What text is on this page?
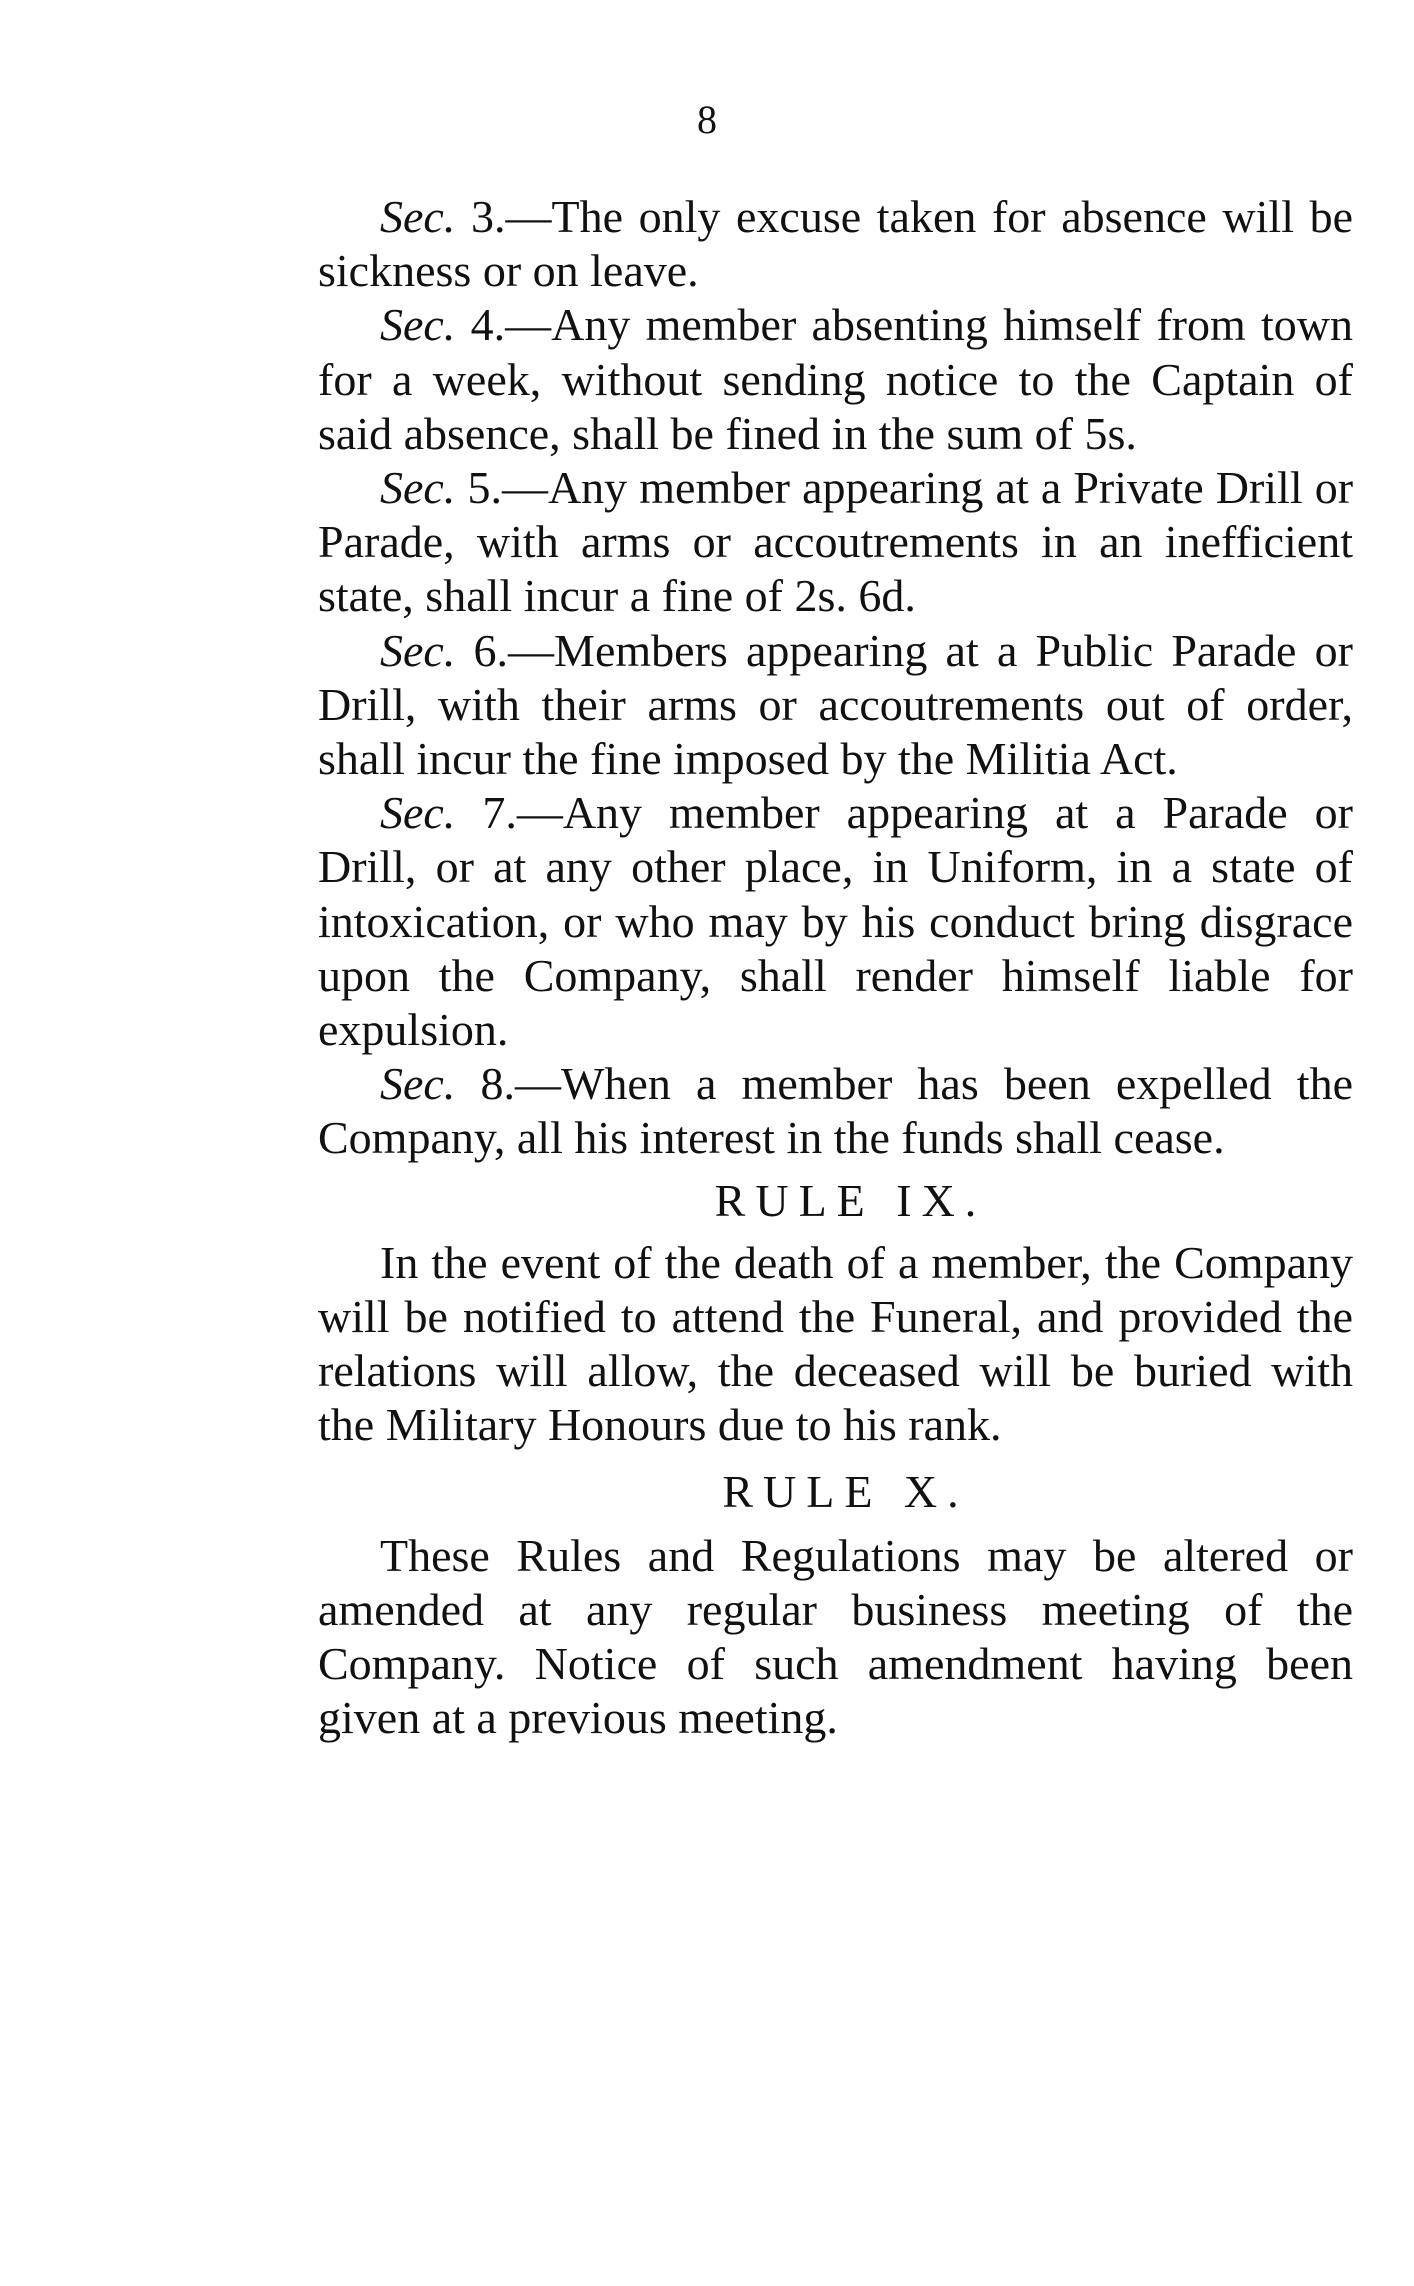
8

Sec. 3.—The only excuse taken for absence will be sickness or on leave.

Sec. 4.—Any member absenting himself from town for a week, without sending notice to the Captain of said absence, shall be fined in the sum of 5s.

Sec. 5.—Any member appearing at a Private Drill or Parade, with arms or accoutrements in an inefficient state, shall incur a fine of 2s. 6d.

Sec. 6.—Members appearing at a Public Parade or Drill, with their arms or accoutrements out of order, shall incur the fine imposed by the Militia Act.

Sec. 7.—Any member appearing at a Parade or Drill, or at any other place, in Uniform, in a state of intoxication, or who may by his conduct bring disgrace upon the Company, shall render himself liable for expulsion.

Sec. 8.—When a member has been expelled the Company, all his interest in the funds shall cease.

RULE IX.

In the event of the death of a member, the Company will be notified to attend the Funeral, and provided the relations will allow, the deceased will be buried with the Military Honours due to his rank.

RULE X.

These Rules and Regulations may be altered or amended at any regular business meeting of the Company. Notice of such amendment having been given at a previous meeting.
